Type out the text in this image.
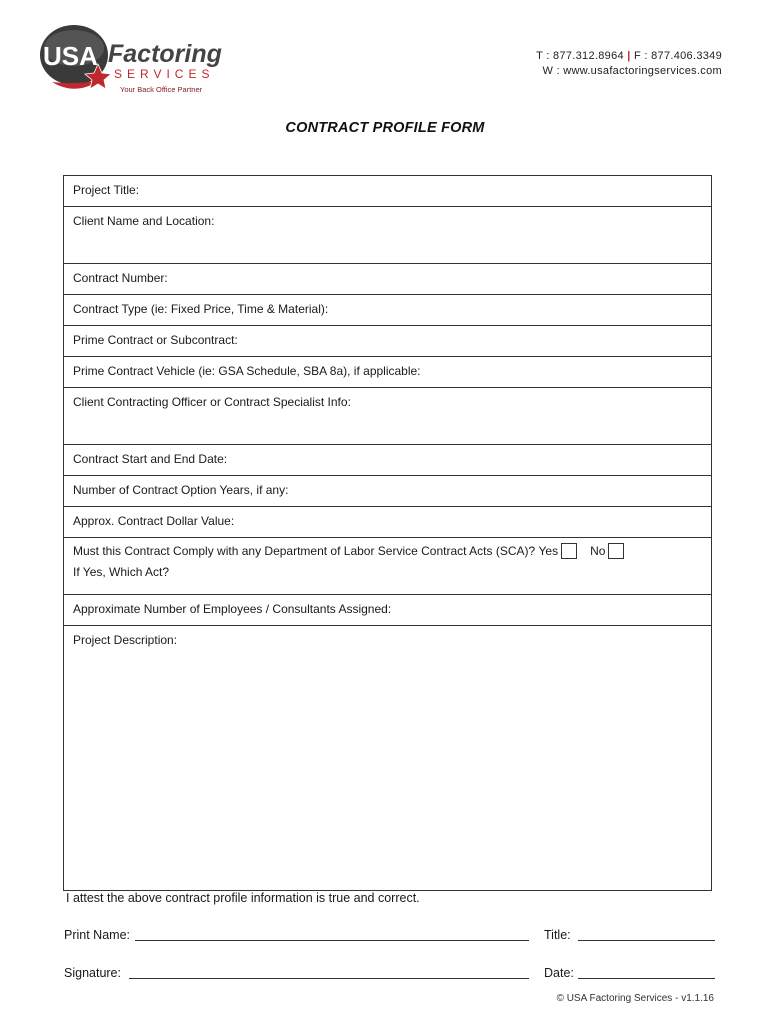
USA Factoring
SERVICES
Your Back Office Partner
T : 877.312.8964 | F : 877.406.3349
W : www.usafactoringservices.com
CONTRACT PROFILE FORM
Project Title:
Client Name and Location:
Contract Number:
Contract Type (ie: Fixed Price, Time & Material):
Prime Contract or Subcontract:
Prime Contract Vehicle (ie: GSA Schedule, SBA 8a), if applicable:
Client Contracting Officer or Contract Specialist Info:
Contract Start and End Date:
Number of Contract Option Years, if any:
Approx. Contract Dollar Value:
Must this Contract Comply with any Department of Labor Service Contract Acts (SCA)?
Yes	No
If Yes, Which Act?
Approximate Number of Employees / Consultants Assigned:
Project Description:
I attest the above contract profile information is true and correct.
Print Name:	Title:
Signature:	Date:
© USA Factoring Services - v1.1.16
